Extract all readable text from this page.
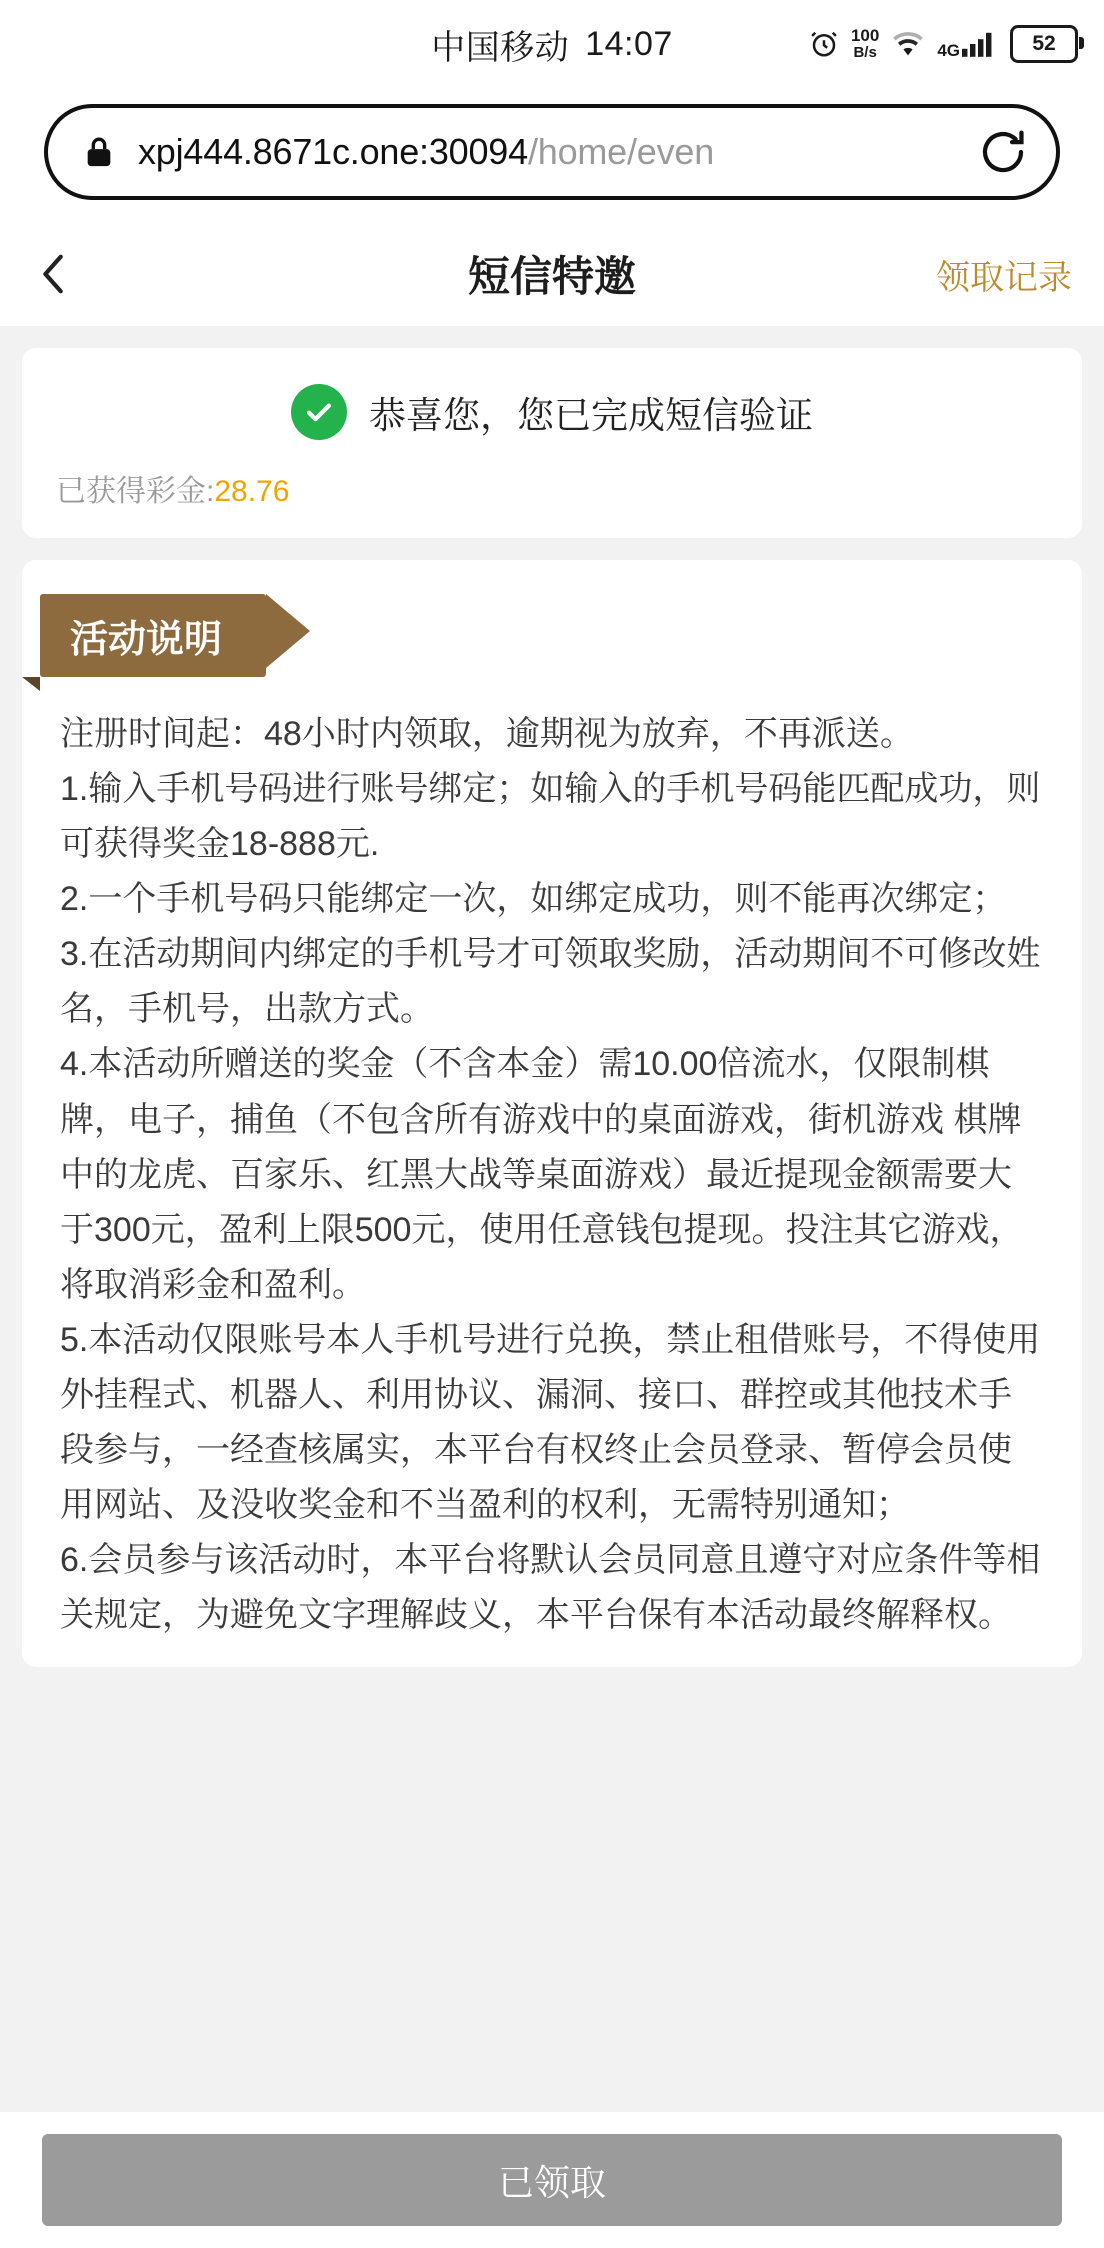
中国移动 14:07	100
B/s	4G	52
xpj444.8671c.one:30094/home/even
短信特邀	领取记录
恭喜您，您已完成短信验证
已获得彩金:28.76
活动说明

注册时间起：48小时内领取，逾期视为放弃，不再派送。

1.输入手机号码进行账号绑定；如输入的手机号码能匹配成功，则可获得奖金18-888元.

2.一个手机号码只能绑定一次，如绑定成功，则不能再次绑定；

3.在活动期间内绑定的手机号才可领取奖励，活动期间不可修改姓名，手机号，出款方式。

4.本活动所赠送的奖金（不含本金）需10.00倍流水，仅限制棋牌，电子，捕鱼（不包含所有游戏中的桌面游戏，街机游戏 棋牌中的龙虎、百家乐、红黑大战等桌面游戏）最近提现金额需要大于300元，盈利上限500元，使用任意钱包提现。投注其它游戏，将取消彩金和盈利。

5.本活动仅限账号本人手机号进行兑换，禁止租借账号，不得使用外挂程式、机器人、利用协议、漏洞、接口、群控或其他技术手段参与，一经查核属实，本平台有权终止会员登录、暂停会员使用网站、及没收奖金和不当盈利的权利，无需特别通知；

6.会员参与该活动时，本平台将默认会员同意且遵守对应条件等相关规定，为避免文字理解歧义，本平台保有本活动最终解释权。

已领取
